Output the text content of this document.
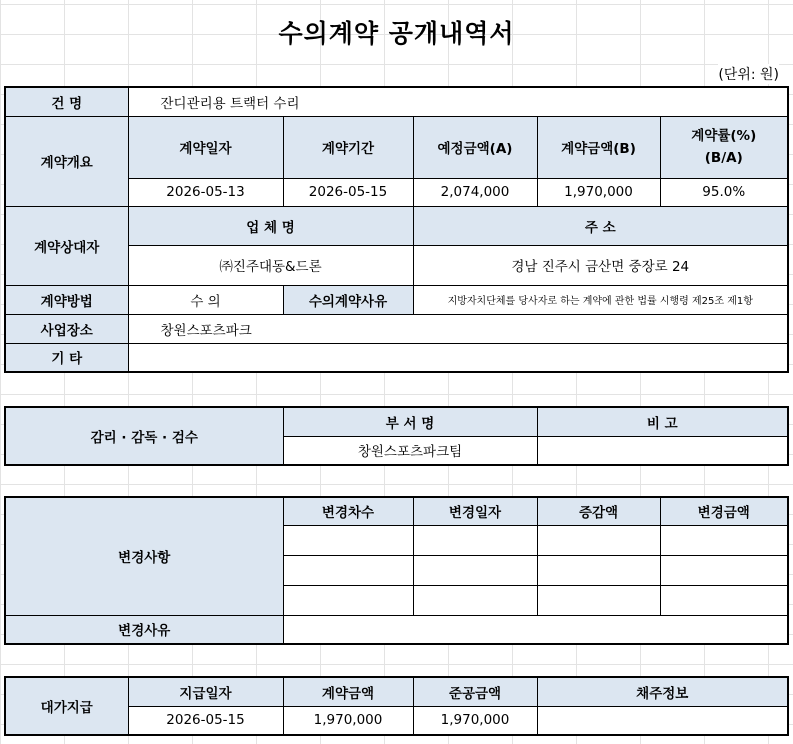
수의계약 공개내역서
(단위: 원)
건 명	잔디관리용 트랙터 수리				
계약개요	계약일자	계약기간	예정금액(A)	계약금액(B)	계약률(%)
(B/A)

	2026-05-13	2026-05-15	2,074,000	1,970,000	95.0%
계약상대자	업 체 명		주 소		
	㈜진주대동&드론		경남 진주시 금산면 중장로 24		
계약방법	수 의	수의계약사유	지방자치단체를 당사자로 하는 계약에 관한 법률 시행령 제25조 제1항		
사업장소	창원스포츠파크				
기 타					
감리 · 감독 · 검수	부 서 명	비 고
	창원스포츠파크팀	
변경사항	변경차수	변경일자	증감액	변경금액

변경사유				
대가지급	지급일자	계약금액	준공금액	채주정보
	2026-05-15	1,970,000	1,970,000	
